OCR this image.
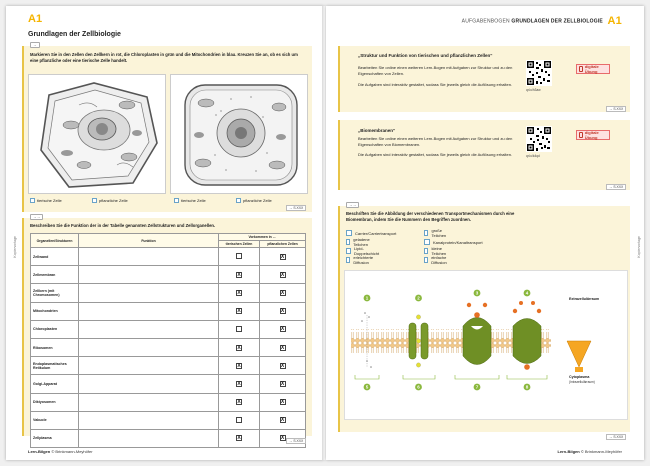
A1
Grundlagen der Zellbiologie
→
Markieren Sie in den Zellen den Zellkern in rot, die Chloroplasten in grün und die Mitochondrien in blau. Kreuzen Sie an, ob es sich um eine pflanzliche oder eine tierische Zelle handelt.
tierische Zelle	pflanzliche Zelle	tierische Zelle	pflanzliche Zelle
→ S.XXX
→→
Beschreiben Sie die Funktion der in der Tabelle genannten Zellstrukturen und Zellorganellen.
Organellen/Strukturen	Funktion	Vorkommen in ...	
		tierischen Zellen	pflanzlichen Zellen
Zellwand			X
Zellmembran		X	X
Zellkern (mit Chromosomen)		X	X
Mitochondrien		X	X
Chloroplasten			X
Ribosomen		X	X
Endoplasmatisches Retikulum		X	X
Golgi-Apparat		X	X
Diktyosomen		X	X
Vakuole			X
Zellplasma		X	X	→ S.XXX
Kopiervorlage
Lern-Bilgen © Brinkmann-Meyhöfer
AUFGABENBOGEN GRUNDLAGEN DER ZELLBIOLOGIE A1
„Struktur und Funktion von tierischen und pflanzlichen Zellen“
Bearbeiten Sie online einen weiteren Lern-Bogen mit Aufgaben zur Struktur und zu den Eigenschaften von Zellen.
Die Aufgaben sind interaktiv gestaltet, sodass Sie jeweils gleich die Auflösung erhalten.
qr.lu/h3aw
digitale Übung
→ S.XXX
„Biomembranen“
Bearbeiten Sie online einen weiteren Lern-Bogen mit Aufgaben zur Struktur und zu den Eigenschaften von Biomembranen.
Die Aufgaben sind interaktiv gestaltet, sodass Sie jeweils gleich die Auflösung erhalten.	qr.lu/k4qd
digitale Übung
→ S.XXX
→→
Beschriften Sie die Abbildung der verschiedenen Transportmechanismen durch eine Biomembran, indem Sie die Nummern den Begriffen zuordnen.
Carrier/Carriertransport
geladene Teilchen
Lipid-Doppelschicht
erleichterte Diffusion
große Teilchen
Kanalprotein/Kanaltransport
kleine Teilchen
einfache Diffusion
1	2
3	4
5	6	7	8
Extrazellulärraum
Cytoplasma
(Intrazellulärraum)
→ S.XXX
Kopiervorlage
Lern-Bilgen © Brinkmann-Meyhöfer
